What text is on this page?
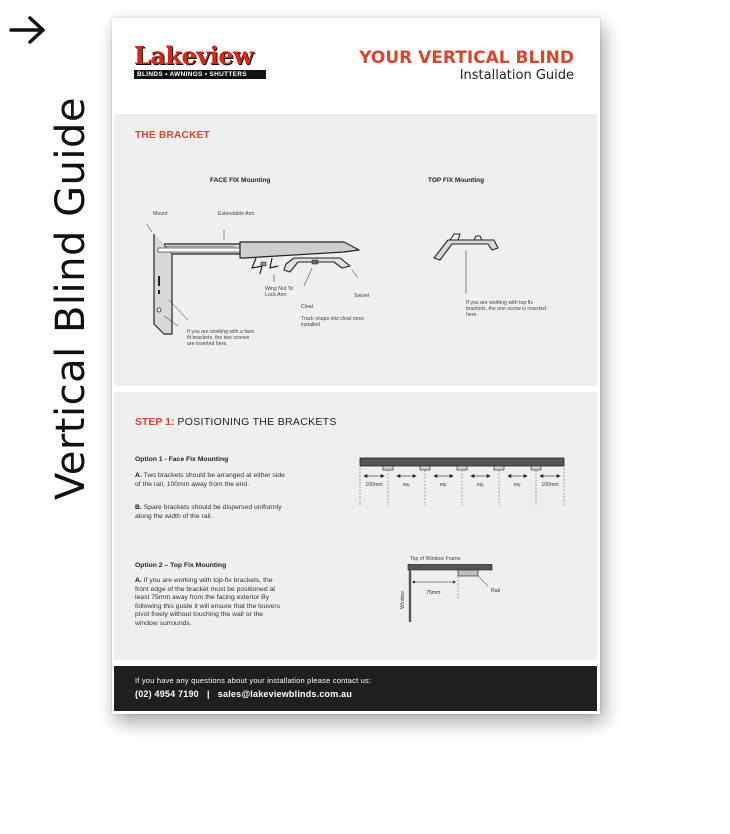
Vertical Blind Guide
Lakeview
BLINDS • AWNINGS • SHUTTERS
YOUR VERTICAL BLIND
Installation Guide
THE BRACKET
FACE FIX Mounting	TOP FIX Mounting
Mount	Extendable Arm
Wing Nut To Lock Arm	Swivel
Cleat
Track snaps into cleat once installed
If you are working with a face fit brackets, the two screws are inserted here.
If you are working with top fix brackets, the one screw is inserted here.
STEP 1: POSITIONING THE BRACKETS
Option 1 - Face Fix Mounting
A. Two brackets should be arranged at either side of the rail, 100mm away from the end.
B. Spare brackets should be dispersed uniformly along the width of the rail.
Option 2 – Top Fix Mounting
A. If you are working with top-fix brackets, the front edge of the bracket must be positioned at least 75mm away from the facing exterior By following this guide it will ensure that the louvers pivot freely without touching the wall or the window surrounds.
100mm	eq.	eq.	eq.	eq.	100mm
Top of Window Frame
75mm	Rail
Window
If you have any questions about your installation please contact us:
(02) 4954 7190 | sales@lakeviewblinds.com.au
